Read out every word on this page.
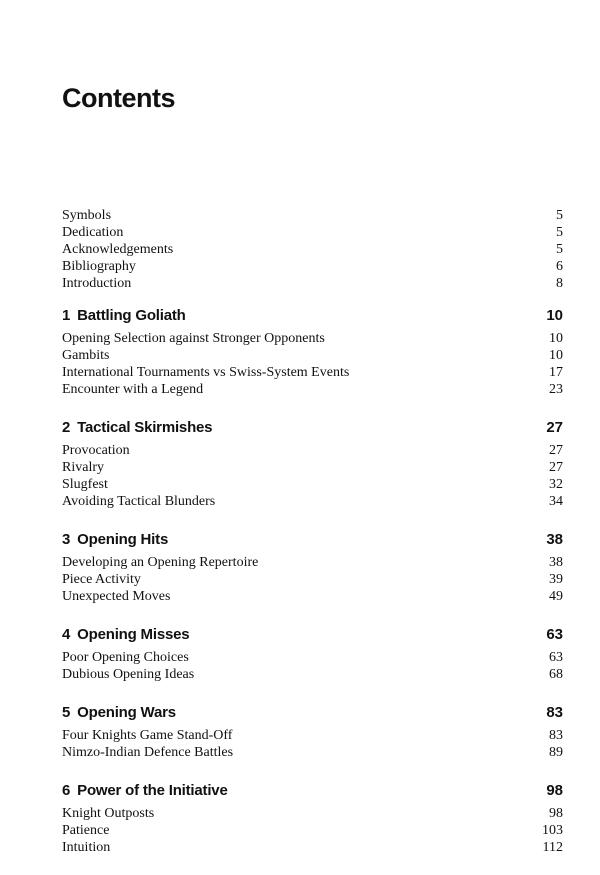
Contents
Symbols	5
Dedication	5
Acknowledgements	5
Bibliography	6
Introduction	8
1 Battling Goliath	10
Opening Selection against Stronger Opponents	10
Gambits	10
International Tournaments vs Swiss-System Events	17
Encounter with a Legend	23
2 Tactical Skirmishes	27
Provocation	27
Rivalry	27
Slugfest	32
Avoiding Tactical Blunders	34
3 Opening Hits	38
Developing an Opening Repertoire	38
Piece Activity	39
Unexpected Moves	49
4 Opening Misses	63
Poor Opening Choices	63
Dubious Opening Ideas	68
5 Opening Wars	83
Four Knights Game Stand-Off	83
Nimzo-Indian Defence Battles	89
6 Power of the Initiative	98
Knight Outposts	98
Patience	103
Intuition	112
